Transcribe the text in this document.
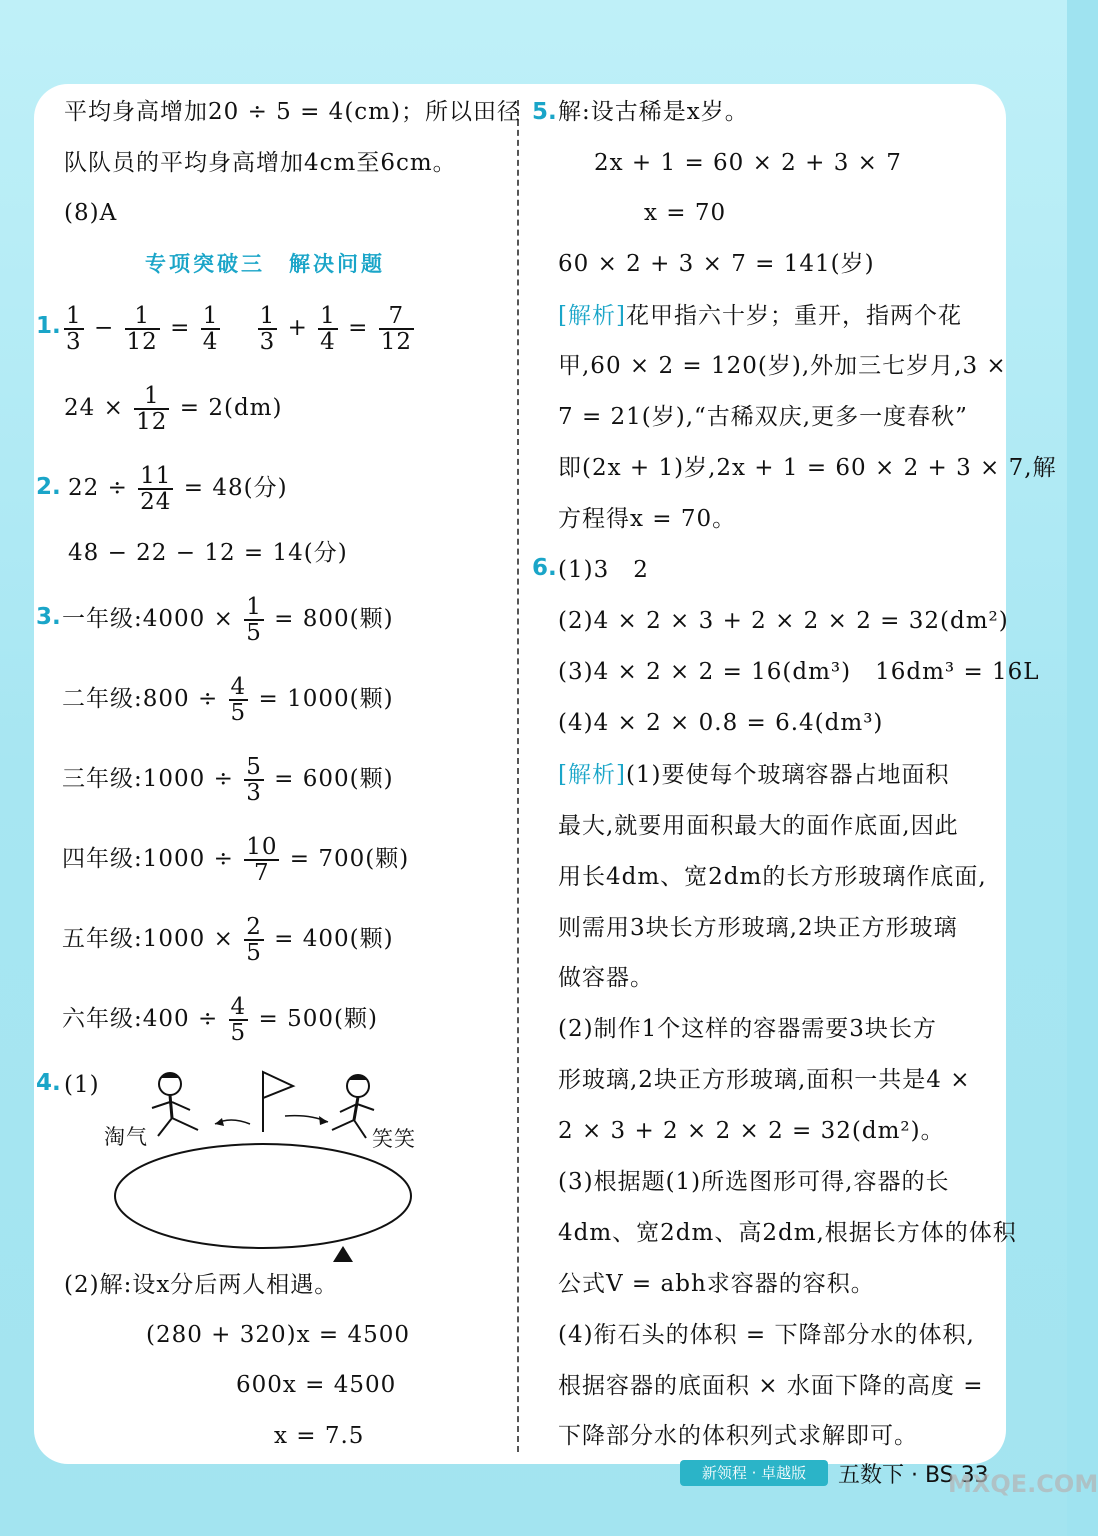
平均身高增加20 ÷ 5 = 4(cm)；所以田径
队队员的平均身高增加4cm至6cm。
(8)A
专项突破三　解决问题
1. $\frac{1}{3} - \frac{1}{12} = \frac{1}{4}$
$\frac{1}{3} + \frac{1}{4} = \frac{7}{12}$
$24 \times \frac{1}{12} = 2(dm)$
2. $22 \div \frac{11}{24} = 48$(分)
48 − 22 − 12 = 14(分)
3. 一年级:4000 × $\frac{1}{5} = 800$(颗)
二年级:800 ÷ $\frac{4}{5} = 1000$(颗)
三年级:1000 ÷ $\frac{5}{3} = 600$(颗)
四年级:1000 ÷ $\frac{10}{7} = 700$(颗)
五年级:1000 × $\frac{2}{5} = 400$(颗)
六年级:400 ÷ $\frac{4}{5} = 500$(颗)
4. (1)
淘气	笑笑
(2)解:设x分后两人相遇。
(280 + 320)x = 4500
600x = 4500
x = 7.5
5. 解:设古稀是x岁。
2x + 1 = 60 × 2 + 3 × 7
x = 70
60 × 2 + 3 × 7 = 141(岁)
[解析]花甲指六十岁；重开，指两个花
甲,60 × 2 = 120(岁),外加三七岁月,3 ×
7 = 21(岁),“古稀双庆,更多一度春秋”
即(2x + 1)岁,2x + 1 = 60 × 2 + 3 × 7,解
方程得x = 70。
6. (1)3　2
(2)4 × 2 × 3 + 2 × 2 × 2 = 32(dm²)
(3)4 × 2 × 2 = 16(dm³)　16dm³ = 16L
(4)4 × 2 × 0.8 = 6.4(dm³)
[解析](1)要使每个玻璃容器占地面积
最大,就要用面积最大的面作底面,因此
用长4dm、宽2dm的长方形玻璃作底面,
则需用3块长方形玻璃,2块正方形玻璃
做容器。
(2)制作1个这样的容器需要3块长方
形玻璃,2块正方形玻璃,面积一共是4 ×
2 × 3 + 2 × 2 × 2 = 32(dm²)。
(3)根据题(1)所选图形可得,容器的长
4dm、宽2dm、高2dm,根据长方体的体积
公式V = abh求容器的容积。
(4)衔石头的体积 = 下降部分水的体积,
根据容器的底面积 × 水面下降的高度 =
下降部分水的体积列式求解即可。
新领程 · 卓越版	五数下 · BS 33
MXQE.COM
